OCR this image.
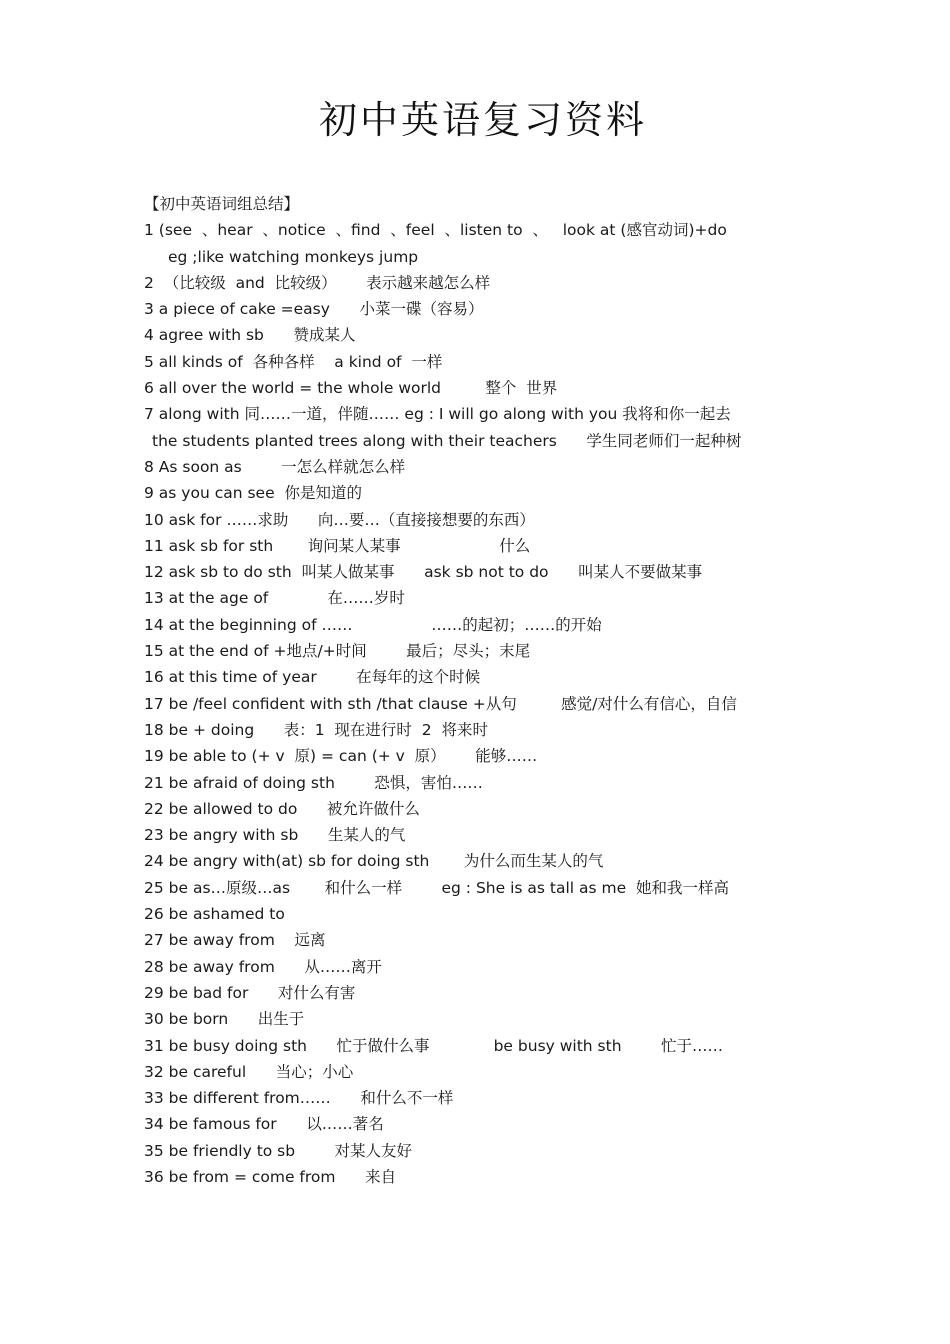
初中英语复习资料
【初中英语词组总结】
1 (see  、hear  、notice  、find  、feel  、listen to  、   look at (感官动词)+do
eg ;like watching monkeys jump
2  （比较级  and  比较级）      表示越来越怎么样
3 a piece of cake =easy      小菜一碟（容易）
4 agree with sb      赞成某人
5 all kinds of  各种各样    a kind of  一样
6 all over the world = the whole world         整个  世界
7 along with 同……一道，伴随…… eg : I will go along with you 我将和你一起去
the students planted trees along with their teachers      学生同老师们一起种树
8 As soon as        一怎么样就怎么样
9 as you can see  你是知道的
10 ask for ……求助      向…要…（直接接想要的东西）
11 ask sb for sth       询问某人某事                    什么
12 ask sb to do sth  叫某人做某事      ask sb not to do      叫某人不要做某事
13 at the age of            在……岁时
14 at the beginning of ……                ……的起初；……的开始
15 at the end of +地点/+时间        最后；尽头；末尾
16 at this time of year        在每年的这个时候
17 be /feel confident with sth /that clause +从句         感觉/对什么有信心，自信
18 be + doing      表：1  现在进行时  2  将来时
19 be able to (+ v  原) = can (+ v  原）      能够……
21 be afraid of doing sth        恐惧，害怕……
22 be allowed to do      被允许做什么
23 be angry with sb      生某人的气
24 be angry with(at) sb for doing sth       为什么而生某人的气
25 be as…原级…as       和什么一样        eg : She is as tall as me  她和我一样高
26 be ashamed to
27 be away from    远离
28 be away from      从……离开
29 be bad for      对什么有害
30 be born      出生于
31 be busy doing sth      忙于做什么事             be busy with sth        忙于……
32 be careful      当心；小心
33 be different from……      和什么不一样
34 be famous for      以……著名
35 be friendly to sb        对某人友好
36 be from = come from      来自
